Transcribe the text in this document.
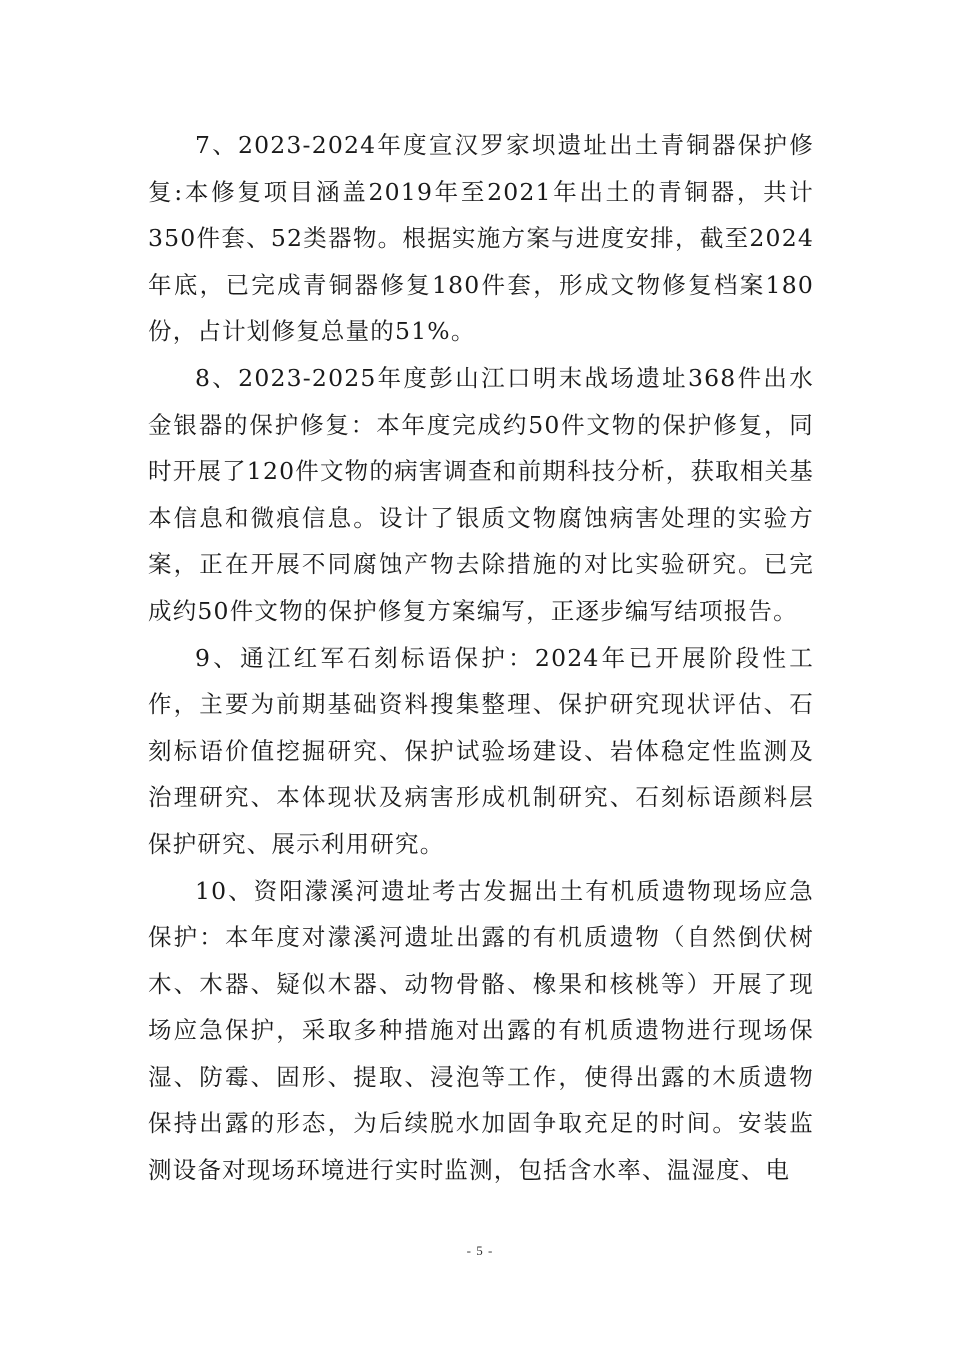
7、2023-2024年度宣汉罗家坝遗址出土青铜器保护修复:本修复项目涵盖2019年至2021年出土的青铜器，共计350件套、52类器物。根据实施方案与进度安排，截至2024年底，已完成青铜器修复180件套，形成文物修复档案180份，占计划修复总量的51%。

8、2023-2025年度彭山江口明末战场遗址368件出水金银器的保护修复：本年度完成约50件文物的保护修复，同时开展了120件文物的病害调查和前期科技分析，获取相关基本信息和微痕信息。设计了银质文物腐蚀病害处理的实验方案，正在开展不同腐蚀产物去除措施的对比实验研究。已完成约50件文物的保护修复方案编写，正逐步编写结项报告。

9、通江红军石刻标语保护：2024年已开展阶段性工作，主要为前期基础资料搜集整理、保护研究现状评估、石刻标语价值挖掘研究、保护试验场建设、岩体稳定性监测及治理研究、本体现状及病害形成机制研究、石刻标语颜料层保护研究、展示利用研究。

10、资阳濛溪河遗址考古发掘出土有机质遗物现场应急保护：本年度对濛溪河遗址出露的有机质遗物（自然倒伏树木、木器、疑似木器、动物骨骼、橡果和核桃等）开展了现场应急保护，采取多种措施对出露的有机质遗物进行现场保湿、防霉、固形、提取、浸泡等工作，使得出露的木质遗物保持出露的形态，为后续脱水加固争取充足的时间。安装监测设备对现场环境进行实时监测，包括含水率、温湿度、电

- 5 -
